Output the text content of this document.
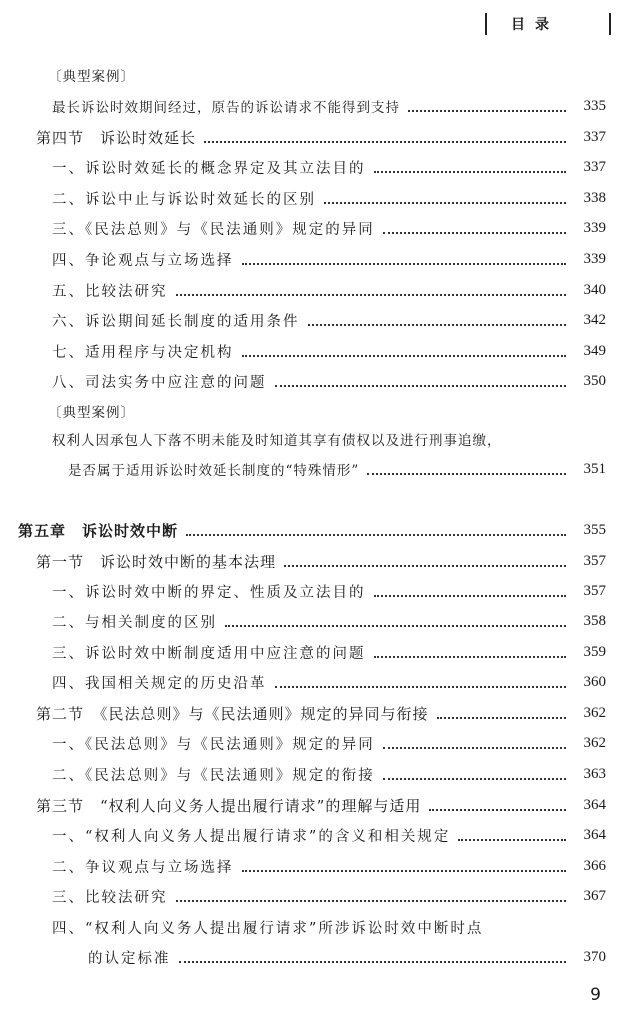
目录
〔典型案例〕
最长诉讼时效期间经过，原告的诉讼请求不能得到支持	335
第四节　诉讼时效延长	337
一、诉讼时效延长的概念界定及其立法目的	337
二、诉讼中止与诉讼时效延长的区别	338
三、《民法总则》与《民法通则》规定的异同	339
四、争论观点与立场选择	339
五、比较法研究	340
六、诉讼期间延长制度的适用条件	342
七、适用程序与决定机构	349
八、司法实务中应注意的问题	350
〔典型案例〕
权利人因承包人下落不明未能及时知道其享有债权以及进行刑事追缴，
是否属于适用诉讼时效延长制度的“特殊情形”	351
第五章　诉讼时效中断	355
第一节　诉讼时效中断的基本法理	357
一、诉讼时效中断的界定、性质及立法目的	357
二、与相关制度的区别	358
三、诉讼时效中断制度适用中应注意的问题	359
四、我国相关规定的历史沿革	360
第二节　《民法总则》与《民法通则》规定的异同与衔接	362
一、《民法总则》与《民法通则》规定的异同	362
二、《民法总则》与《民法通则》规定的衔接	363
第三节　“权利人向义务人提出履行请求”的理解与适用	364
一、“权利人向义务人提出履行请求”的含义和相关规定	364
二、争议观点与立场选择	366
三、比较法研究	367
四、“权利人向义务人提出履行请求”所涉诉讼时效中断时点
的认定标准	370
9
